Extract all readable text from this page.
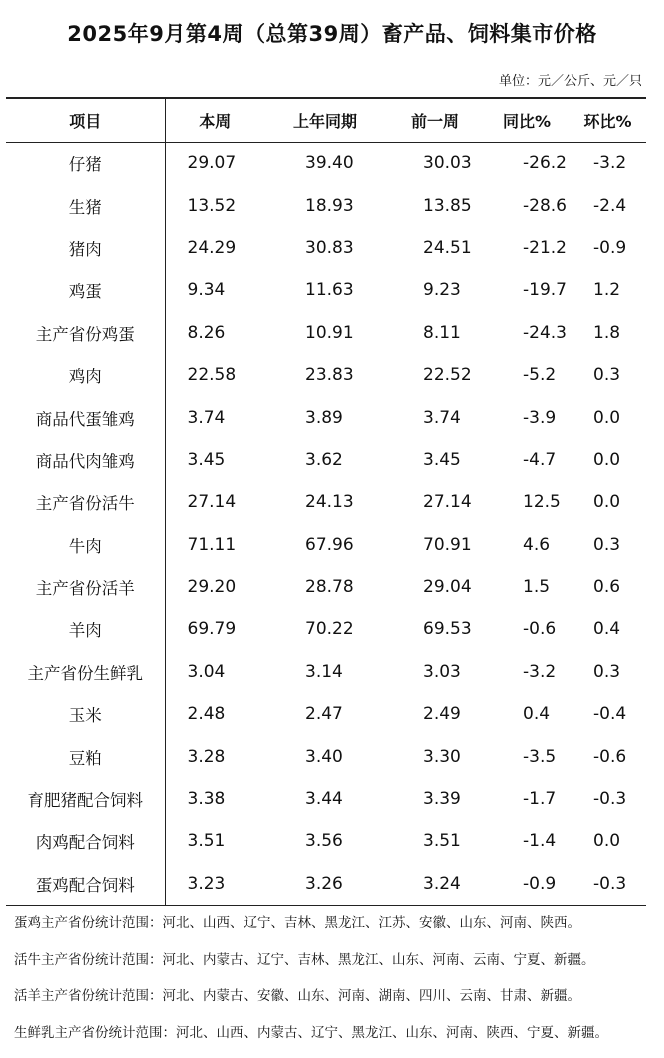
2025年9月第4周（总第39周）畜产品、饲料集市价格
单位：元／公斤、元／只
项目	本周	上年同期	前一周	同比%	环比%
仔猪	29.07	39.40	30.03	-26.2	-3.2
生猪	13.52	18.93	13.85	-28.6	-2.4
猪肉	24.29	30.83	24.51	-21.2	-0.9
鸡蛋	9.34	11.63	9.23	-19.7	1.2
主产省份鸡蛋	8.26	10.91	8.11	-24.3	1.8
鸡肉	22.58	23.83	22.52	-5.2	0.3
商品代蛋雏鸡	3.74	3.89	3.74	-3.9	0.0
商品代肉雏鸡	3.45	3.62	3.45	-4.7	0.0
主产省份活牛	27.14	24.13	27.14	12.5	0.0
牛肉	71.11	67.96	70.91	4.6	0.3
主产省份活羊	29.20	28.78	29.04	1.5	0.6
羊肉	69.79	70.22	69.53	-0.6	0.4
主产省份生鲜乳	3.04	3.14	3.03	-3.2	0.3
玉米	2.48	2.47	2.49	0.4	-0.4
豆粕	3.28	3.40	3.30	-3.5	-0.6
育肥猪配合饲料	3.38	3.44	3.39	-1.7	-0.3
肉鸡配合饲料	3.51	3.56	3.51	-1.4	0.0
蛋鸡配合饲料	3.23	3.26	3.24	-0.9	-0.3
蛋鸡主产省份统计范围：河北、山西、辽宁、吉林、黑龙江、江苏、安徽、山东、河南、陕西。
活牛主产省份统计范围：河北、内蒙古、辽宁、吉林、黑龙江、山东、河南、云南、宁夏、新疆。
活羊主产省份统计范围：河北、内蒙古、安徽、山东、河南、湖南、四川、云南、甘肃、新疆。
生鲜乳主产省份统计范围：河北、山西、内蒙古、辽宁、黑龙江、山东、河南、陕西、宁夏、新疆。
